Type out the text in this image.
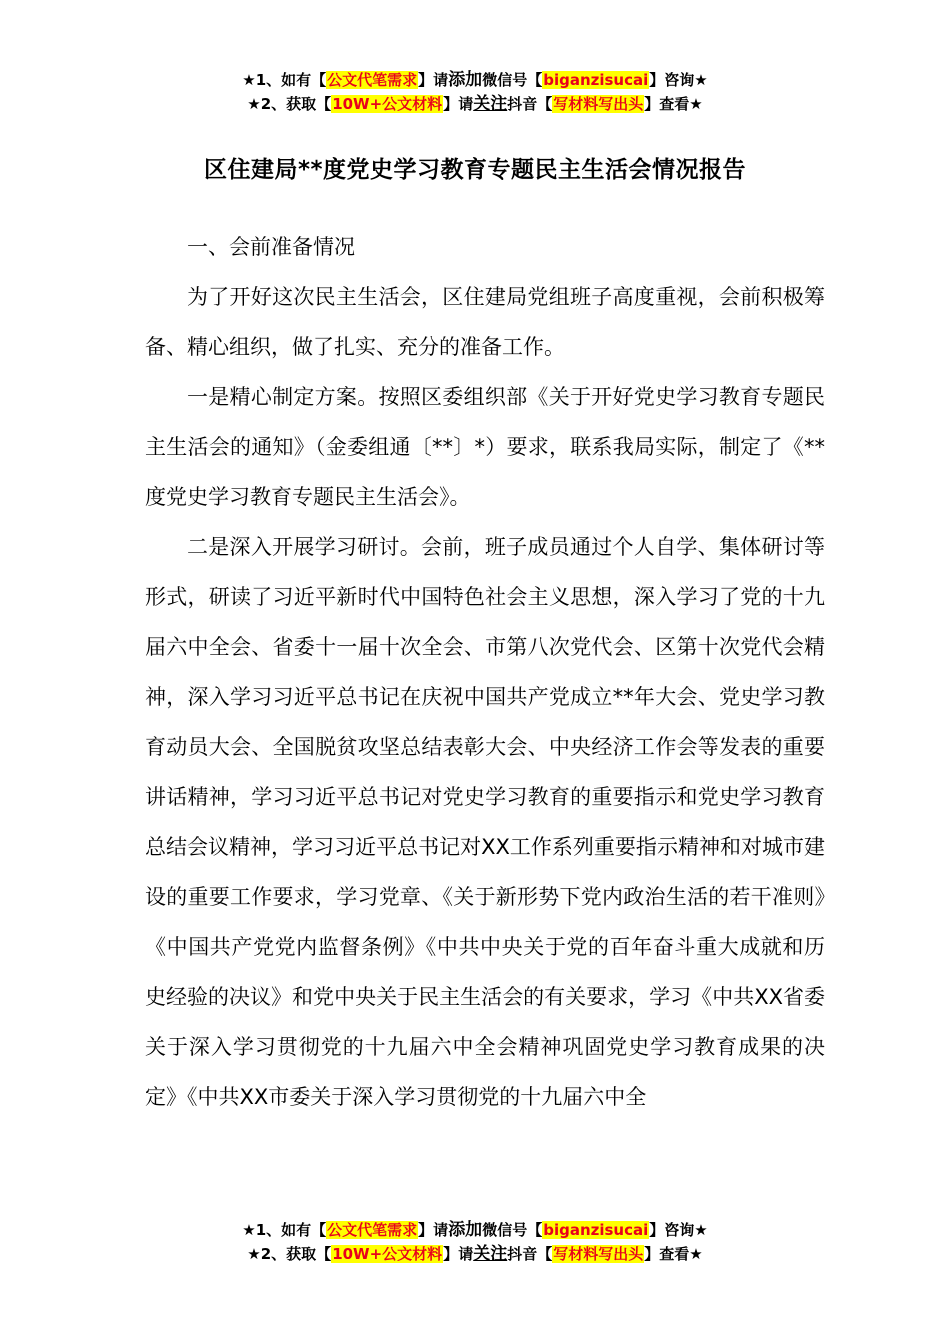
★1、如有【公文代笔需求】请添加微信号【biganzisucai】咨询★
★2、获取【10W+公文材料】请关注抖音【写材料写出头】查看★
区住建局**度党史学习教育专题民主生活会情况报告

一、会前准备情况

为了开好这次民主生活会，区住建局党组班子高度重视，会前积极筹备、精心组织，做了扎实、充分的准备工作。

一是精心制定方案。按照区委组织部《关于开好党史学习教育专题民主生活会的通知》（金委组通〔**〕*）要求，联系我局实际，制定了《**度党史学习教育专题民主生活会》。

二是深入开展学习研讨。会前，班子成员通过个人自学、集体研讨等形式，研读了习近平新时代中国特色社会主义思想，深入学习了党的十九届六中全会、省委十一届十次全会、市第八次党代会、区第十次党代会精神，深入学习习近平总书记在庆祝中国共产党成立**年大会、党史学习教育动员大会、全国脱贫攻坚总结表彰大会、中央经济工作会等发表的重要讲话精神，学习习近平总书记对党史学习教育的重要指示和党史学习教育总结会议精神，学习习近平总书记对XX工作系列重要指示精神和对城市建设的重要工作要求，学习党章、《关于新形势下党内政治生活的若干准则》《中国共产党党内监督条例》《中共中央关于党的百年奋斗重大成就和历史经验的决议》和党中央关于民主生活会的有关要求，学习《中共XX省委关于深入学习贯彻党的十九届六中全会精神巩固党史学习教育成果的决定》《中共XX市委关于深入学习贯彻党的十九届六中全

★1、如有【公文代笔需求】请添加微信号【biganzisucai】咨询★
★2、获取【10W+公文材料】请关注抖音【写材料写出头】查看★
